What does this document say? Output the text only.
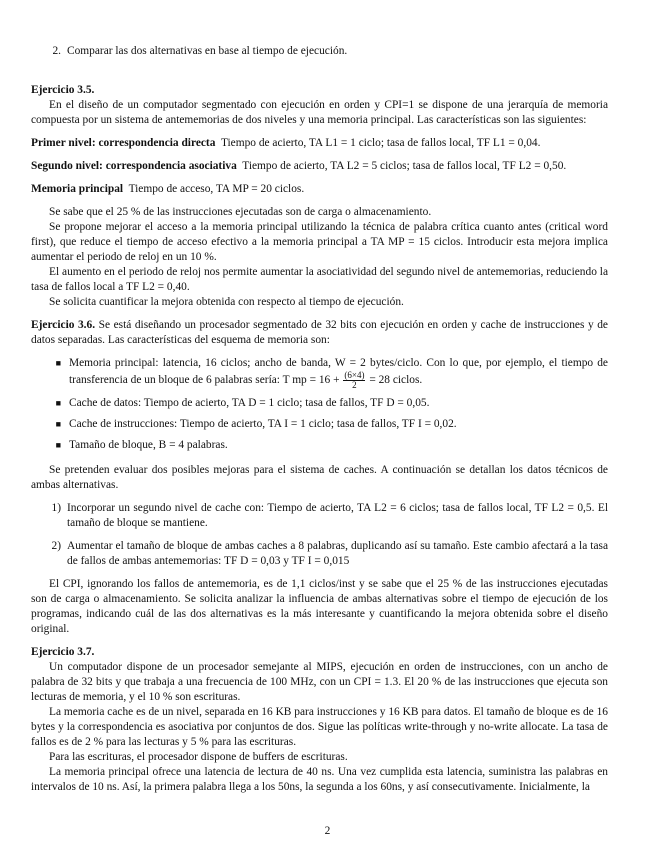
2. Comparar las dos alternativas en base al tiempo de ejecución.

Ejercicio 3.5.

En el diseño de un computador segmentado con ejecución en orden y CPI=1 se dispone de una jerarquía de memoria compuesta por un sistema de antememorias de dos niveles y una memoria principal. Las características son las siguientes:

Primer nivel: correspondencia directa Tiempo de acierto, TA L1 = 1 ciclo; tasa de fallos local, TF L1 = 0,04.

Segundo nivel: correspondencia asociativa Tiempo de acierto, TA L2 = 5 ciclos; tasa de fallos local, TF L2 = 0,50.

Memoria principal Tiempo de acceso, TA MP = 20 ciclos.

Se sabe que el 25 % de las instrucciones ejecutadas son de carga o almacenamiento.

Se propone mejorar el acceso a la memoria principal utilizando la técnica de palabra crítica cuanto antes (critical word first), que reduce el tiempo de acceso efectivo a la memoria principal a TA MP = 15 ciclos. Introducir esta mejora implica aumentar el periodo de reloj en un 10 %.

El aumento en el periodo de reloj nos permite aumentar la asociatividad del segundo nivel de antememorias, reduciendo la tasa de fallos local a TF L2 = 0,40.

Se solicita cuantificar la mejora obtenida con respecto al tiempo de ejecución.

Ejercicio 3.6. Se está diseñando un procesador segmentado de 32 bits con ejecución en orden y cache de instrucciones y de datos separadas. Las características del esquema de memoria son:

■ Memoria principal: latencia, 16 ciclos; ancho de banda, W = 2 bytes/ciclo. Con lo que, por ejemplo, el tiempo de transferencia de un bloque de 6 palabras sería: T mp = $16 + \frac{(6\times 4)}{2} = 28$ ciclos.
■ Cache de datos: Tiempo de acierto, TA D = 1 ciclo; tasa de fallos, TF D = 0,05.
■ Cache de instrucciones: Tiempo de acierto, TA I = 1 ciclo; tasa de fallos, TF I = 0,02.
■ Tamaño de bloque, B = 4 palabras.

Se pretenden evaluar dos posibles mejoras para el sistema de caches. A continuación se detallan los datos técnicos de ambas alternativas.

1) Incorporar un segundo nivel de cache con: Tiempo de acierto, TA L2 = 6 ciclos; tasa de fallos local, TF L2 = 0,5. El tamaño de bloque se mantiene.
2) Aumentar el tamaño de bloque de ambas caches a 8 palabras, duplicando así su tamaño. Este cambio afectará a la tasa de fallos de ambas antememorias: TF D = 0,03 y TF I = 0,015

El CPI, ignorando los fallos de antememoria, es de 1,1 ciclos/inst y se sabe que el 25 % de las instrucciones ejecutadas son de carga o almacenamiento. Se solicita analizar la influencia de ambas alternativas sobre el tiempo de ejecución de los programas, indicando cuál de las dos alternativas es la más interesante y cuantificando la mejora obtenida sobre el diseño original.

Ejercicio 3.7.

Un computador dispone de un procesador semejante al MIPS, ejecución en orden de instrucciones, con un ancho de palabra de 32 bits y que trabaja a una frecuencia de 100 MHz, con un CPI = 1.3. El 20 % de las instrucciones que ejecuta son lecturas de memoria, y el 10 % son escrituras.

La memoria cache es de un nivel, separada en 16 KB para instrucciones y 16 KB para datos. El tamaño de bloque es de 16 bytes y la correspondencia es asociativa por conjuntos de dos. Sigue las políticas write-through y no-write allocate. La tasa de fallos es de 2 % para las lecturas y 5 % para las escrituras.

Para las escrituras, el procesador dispone de buffers de escrituras.

La memoria principal ofrece una latencia de lectura de 40 ns. Una vez cumplida esta latencia, suministra las palabras en intervalos de 10 ns. Así, la primera palabra llega a los 50ns, la segunda a los 60ns, y así consecutivamente. Inicialmente, la

2
